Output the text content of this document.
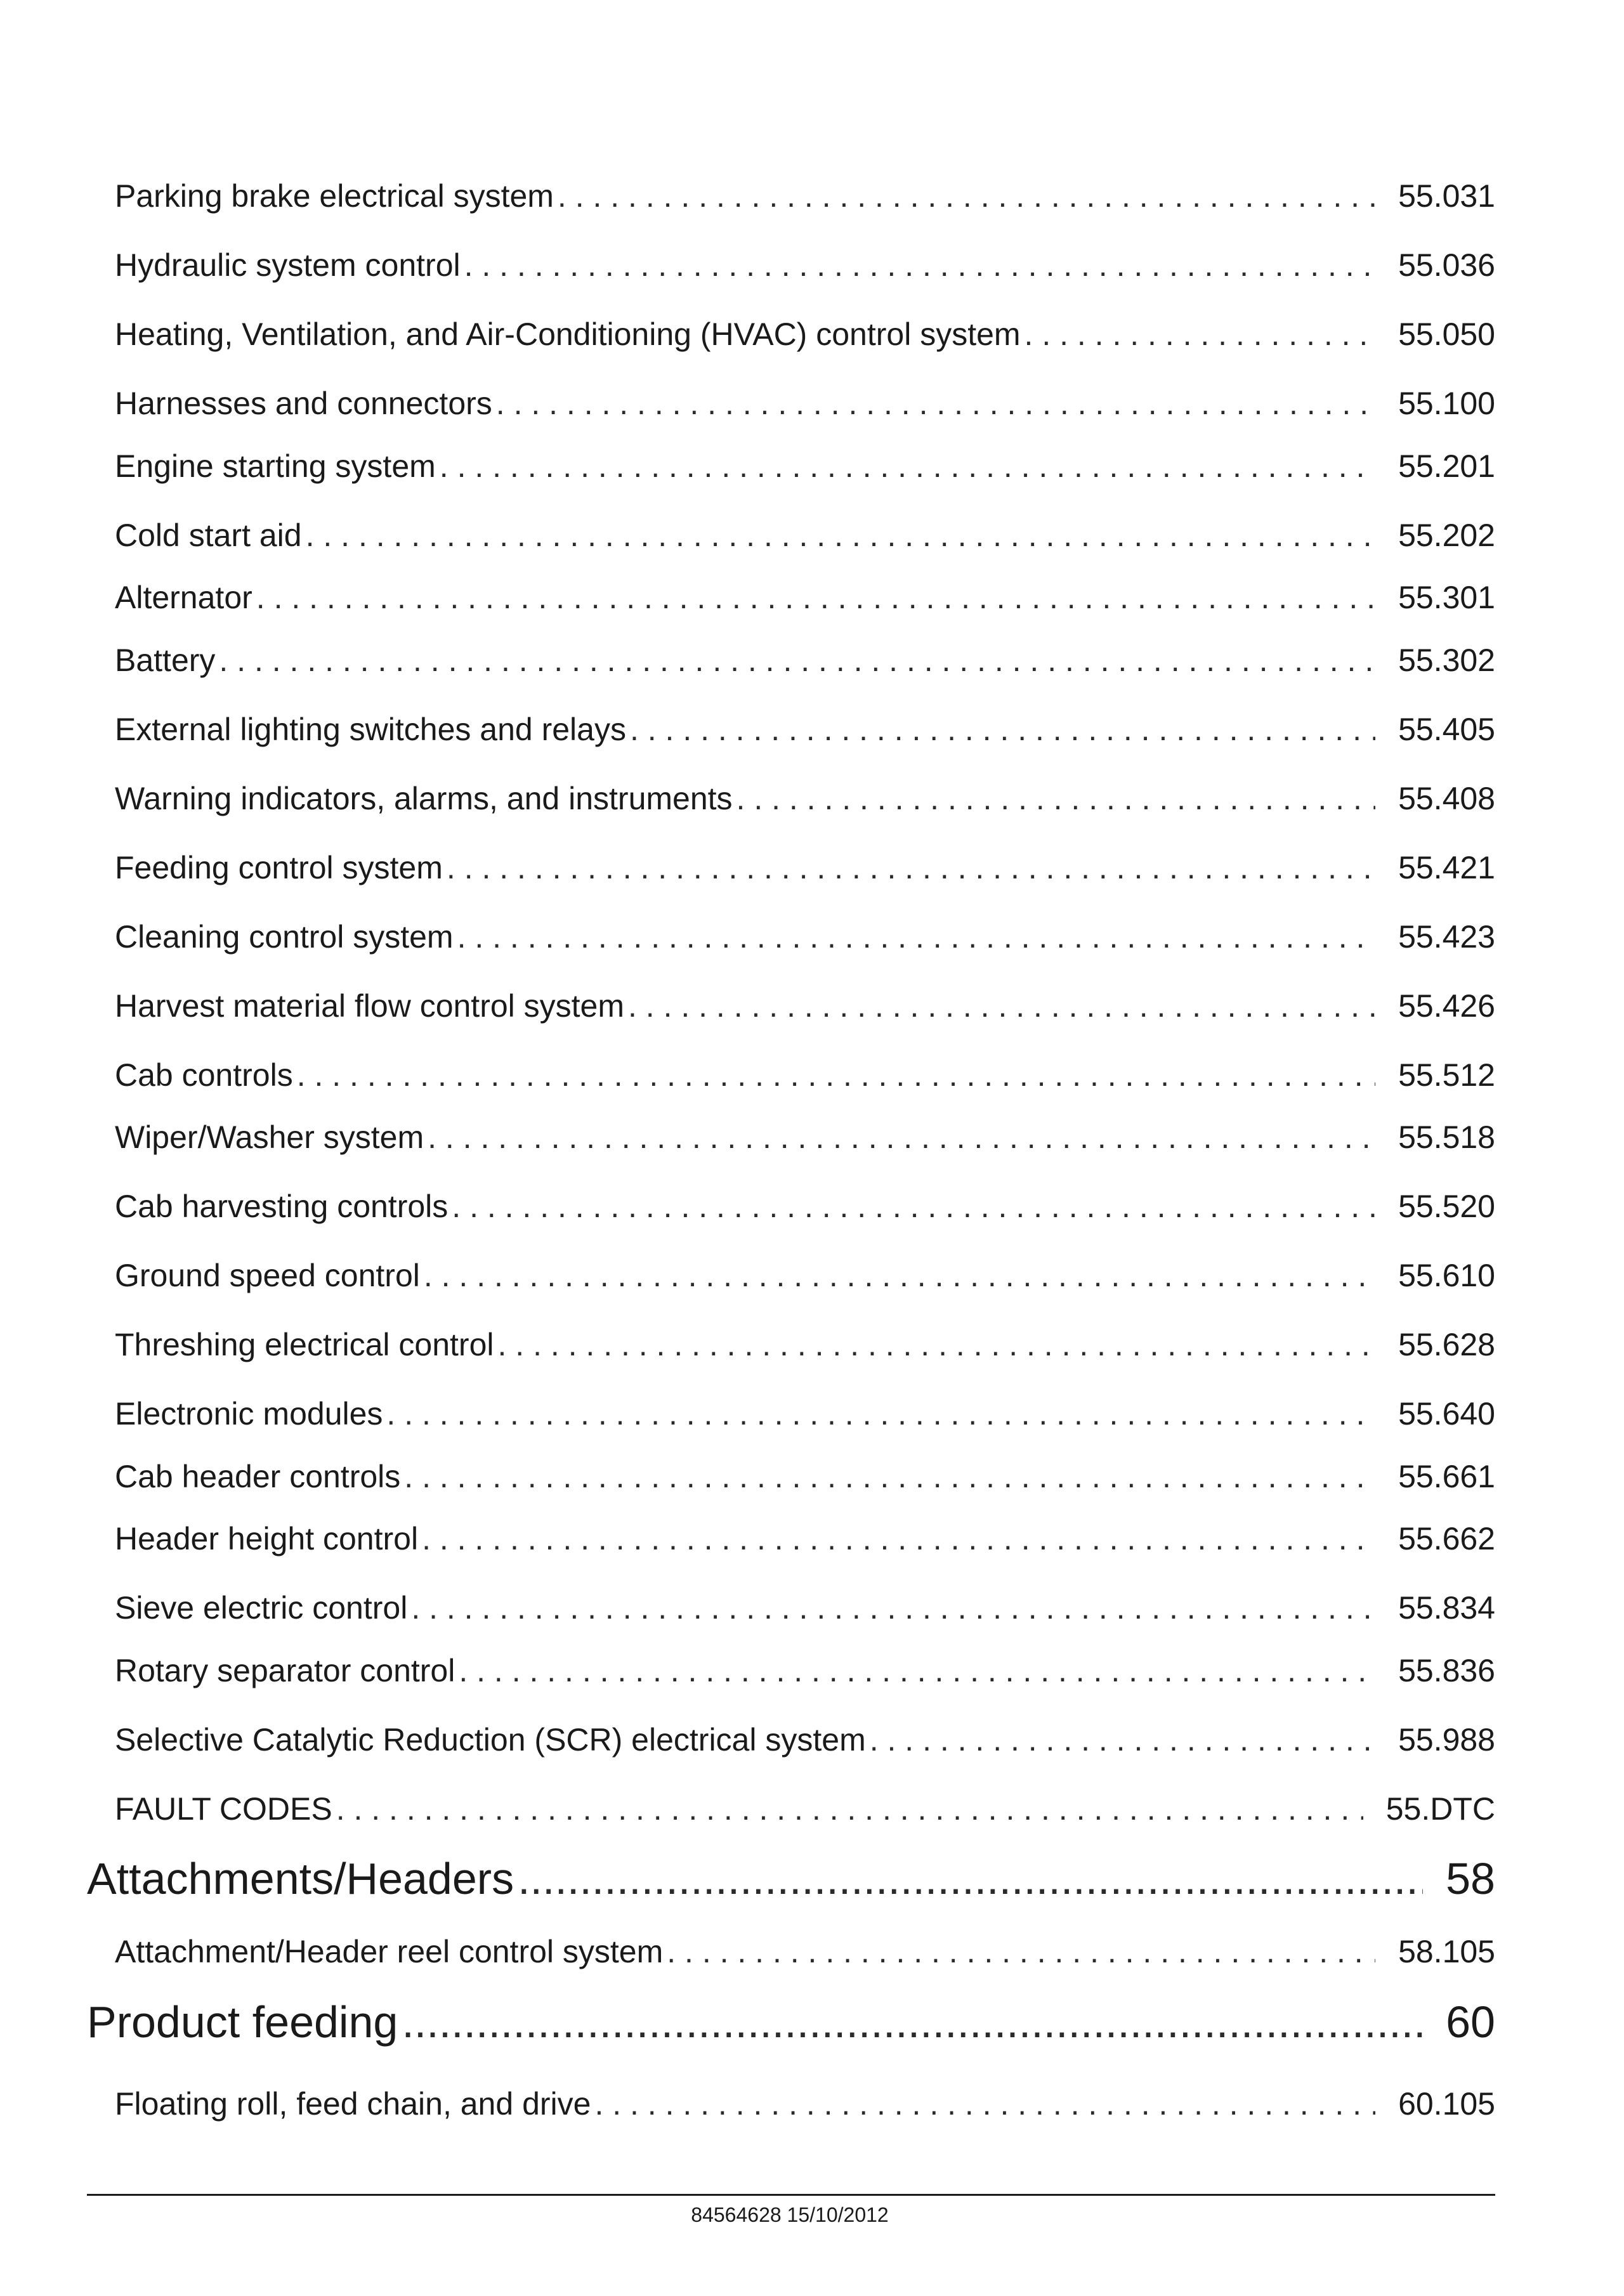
Parking brake electrical system . . .	55.031
Hydraulic system control . . .	55.036
Heating, Ventilation, and Air-Conditioning (HVAC) control system . . .	55.050
Harnesses and connectors . . .	55.100
Engine starting system . . .	55.201
Cold start aid . . .	55.202
Alternator . . .	55.301
Battery . . .	55.302
External lighting switches and relays . . .	55.405
Warning indicators, alarms, and instruments . . .	55.408
Feeding control system . . .	55.421
Cleaning control system . . .	55.423
Harvest material flow control system . . .	55.426
Cab controls . . .	55.512
Wiper/Washer system . . .	55.518
Cab harvesting controls . . .	55.520
Ground speed control . . .	55.610
Threshing electrical control . . .	55.628
Electronic modules . . .	55.640
Cab header controls . . .	55.661
Header height control . . .	55.662
Sieve electric control . . .	55.834
Rotary separator control . . .	55.836
Selective Catalytic Reduction (SCR) electrical system . . .	55.988
FAULT CODES . . .	55.DTC
Attachments/Headers .....	58
Attachment/Header reel control system . . .	58.105
Product feeding .....	60
Floating roll, feed chain, and drive . . .	60.105
84564628 15/10/2012
